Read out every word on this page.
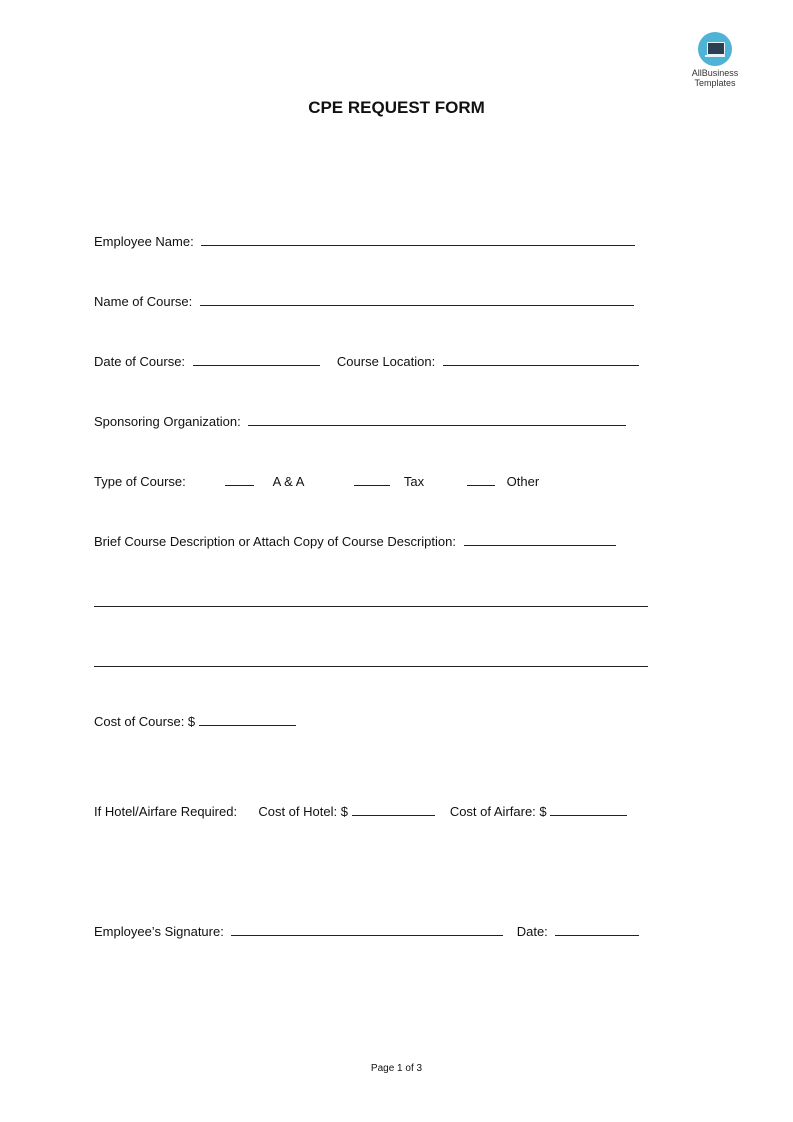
AllBusiness
Templates
CPE REQUEST FORM
Employee Name:
Name of Course:
Date of Course:	Course Location:
Sponsoring Organization:
Type of Course:	A & A	Tax	Other
Brief Course Description or Attach Copy of Course Description:
Cost of Course: $
If Hotel/Airfare Required: Cost of Hotel: $	Cost of Airfare: $
Employee’s Signature:	Date:
Page 1 of 3
